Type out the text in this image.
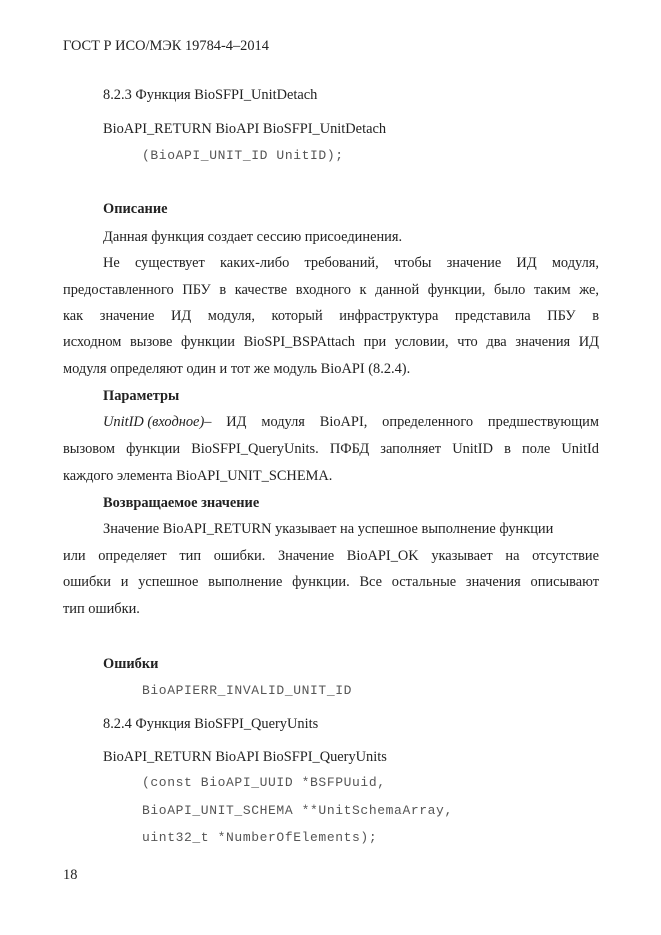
ГОСТ Р ИСО/МЭК 19784-4–2014
8.2.3 Функция BioSFPI_UnitDetach
BioAPI_RETURN BioAPI BioSFPI_UnitDetach
(BioAPI_UNIT_ID UnitID);
Описание
Данная функция создает сессию присоединения.
Не существует каких-либо требований, чтобы значение ИД модуля,
предоставленного ПБУ в качестве входного к данной функции, было таким же,
как значение ИД модуля, который инфраструктура представила ПБУ в
исходном вызове функции BioSPI_BSPAttach при условии, что два значения ИД
модуля определяют один и тот же модуль BioAPI (8.2.4).
Параметры
UnitID (входное) – ИД модуля BioAPI, определенного предшествующим
вызовом функции BioSFPI_QueryUnits. ПФБД заполняет UnitID в поле UnitId
каждого элемента BioAPI_UNIT_SCHEMA.
Возвращаемое значение
Значение BioAPI_RETURN указывает на успешное выполнение функции
или определяет тип ошибки. Значение BioAPI_OK указывает на отсутствие
ошибки и успешное выполнение функции. Все остальные значения описывают
тип ошибки.
Ошибки
BioAPIERR_INVALID_UNIT_ID
8.2.4 Функция BioSFPI_QueryUnits
BioAPI_RETURN BioAPI BioSFPI_QueryUnits
(const BioAPI_UUID *BSFPUuid,
BioAPI_UNIT_SCHEMA **UnitSchemaArray,
uint32_t *NumberOfElements);
18
